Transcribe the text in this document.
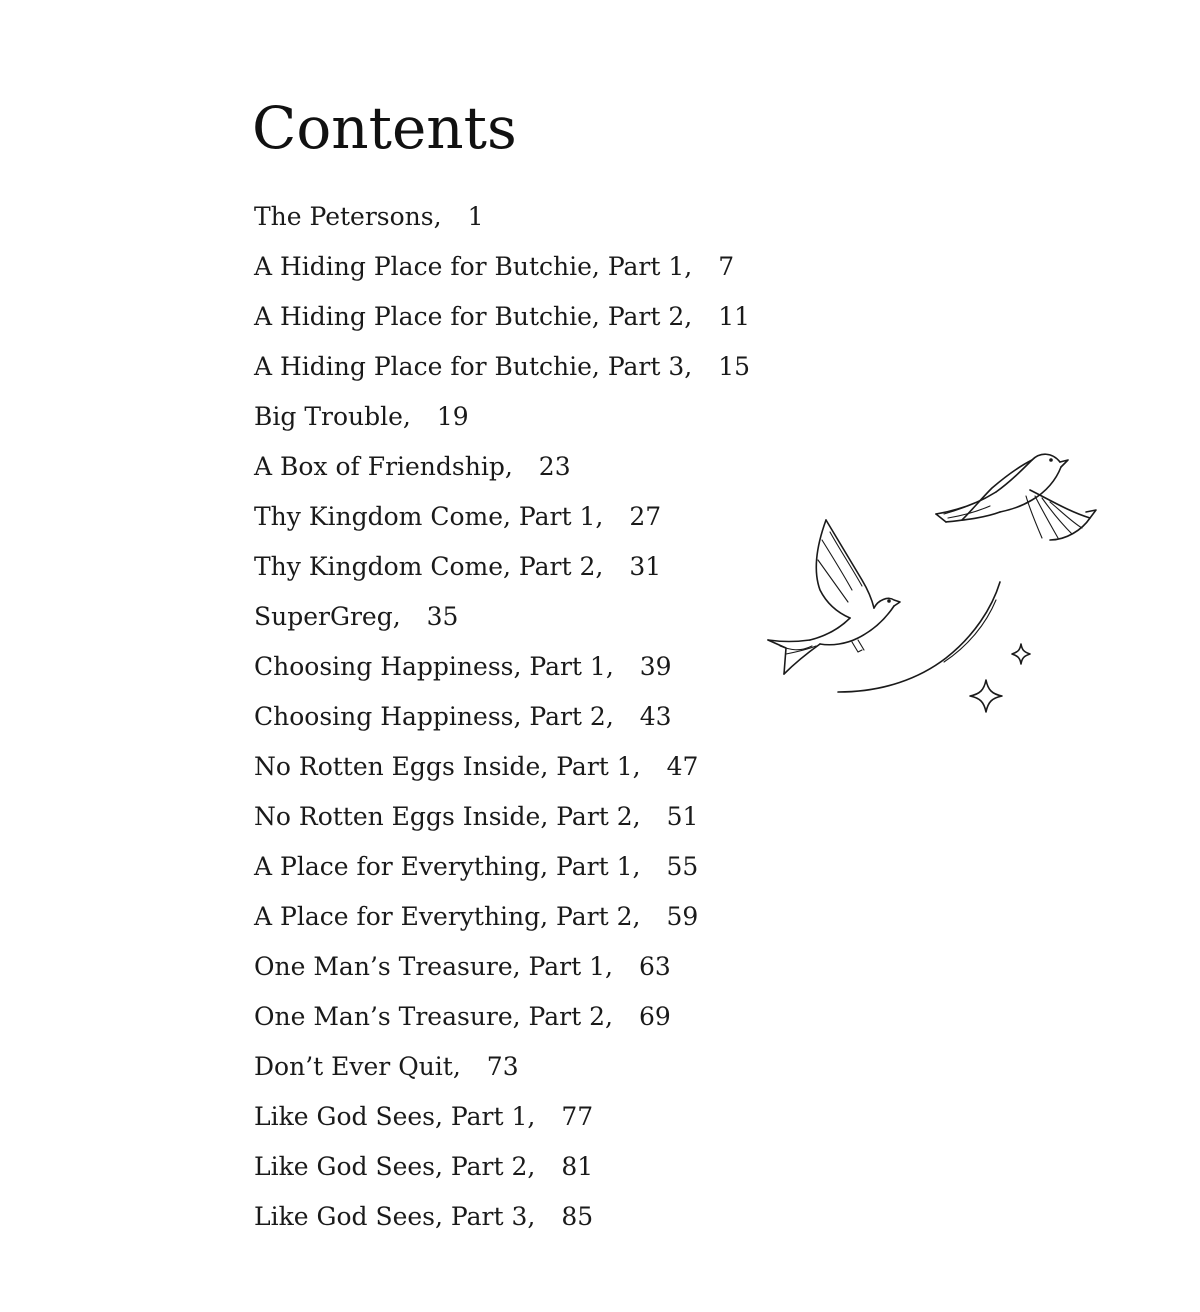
Contents
The Petersons, 1
A Hiding Place for Butchie, Part 1, 7
A Hiding Place for Butchie, Part 2, 11
A Hiding Place for Butchie, Part 3, 15
Big Trouble, 19
A Box of Friendship, 23
Thy Kingdom Come, Part 1, 27
Thy Kingdom Come, Part 2, 31
SuperGreg, 35
Choosing Happiness, Part 1, 39
Choosing Happiness, Part 2, 43
No Rotten Eggs Inside, Part 1, 47
No Rotten Eggs Inside, Part 2, 51
A Place for Everything, Part 1, 55
A Place for Everything, Part 2, 59
One Man’s Treasure, Part 1, 63
One Man’s Treasure, Part 2, 69
Don’t Ever Quit, 73
Like God Sees, Part 1, 77
Like God Sees, Part 2, 81
Like God Sees, Part 3, 85
